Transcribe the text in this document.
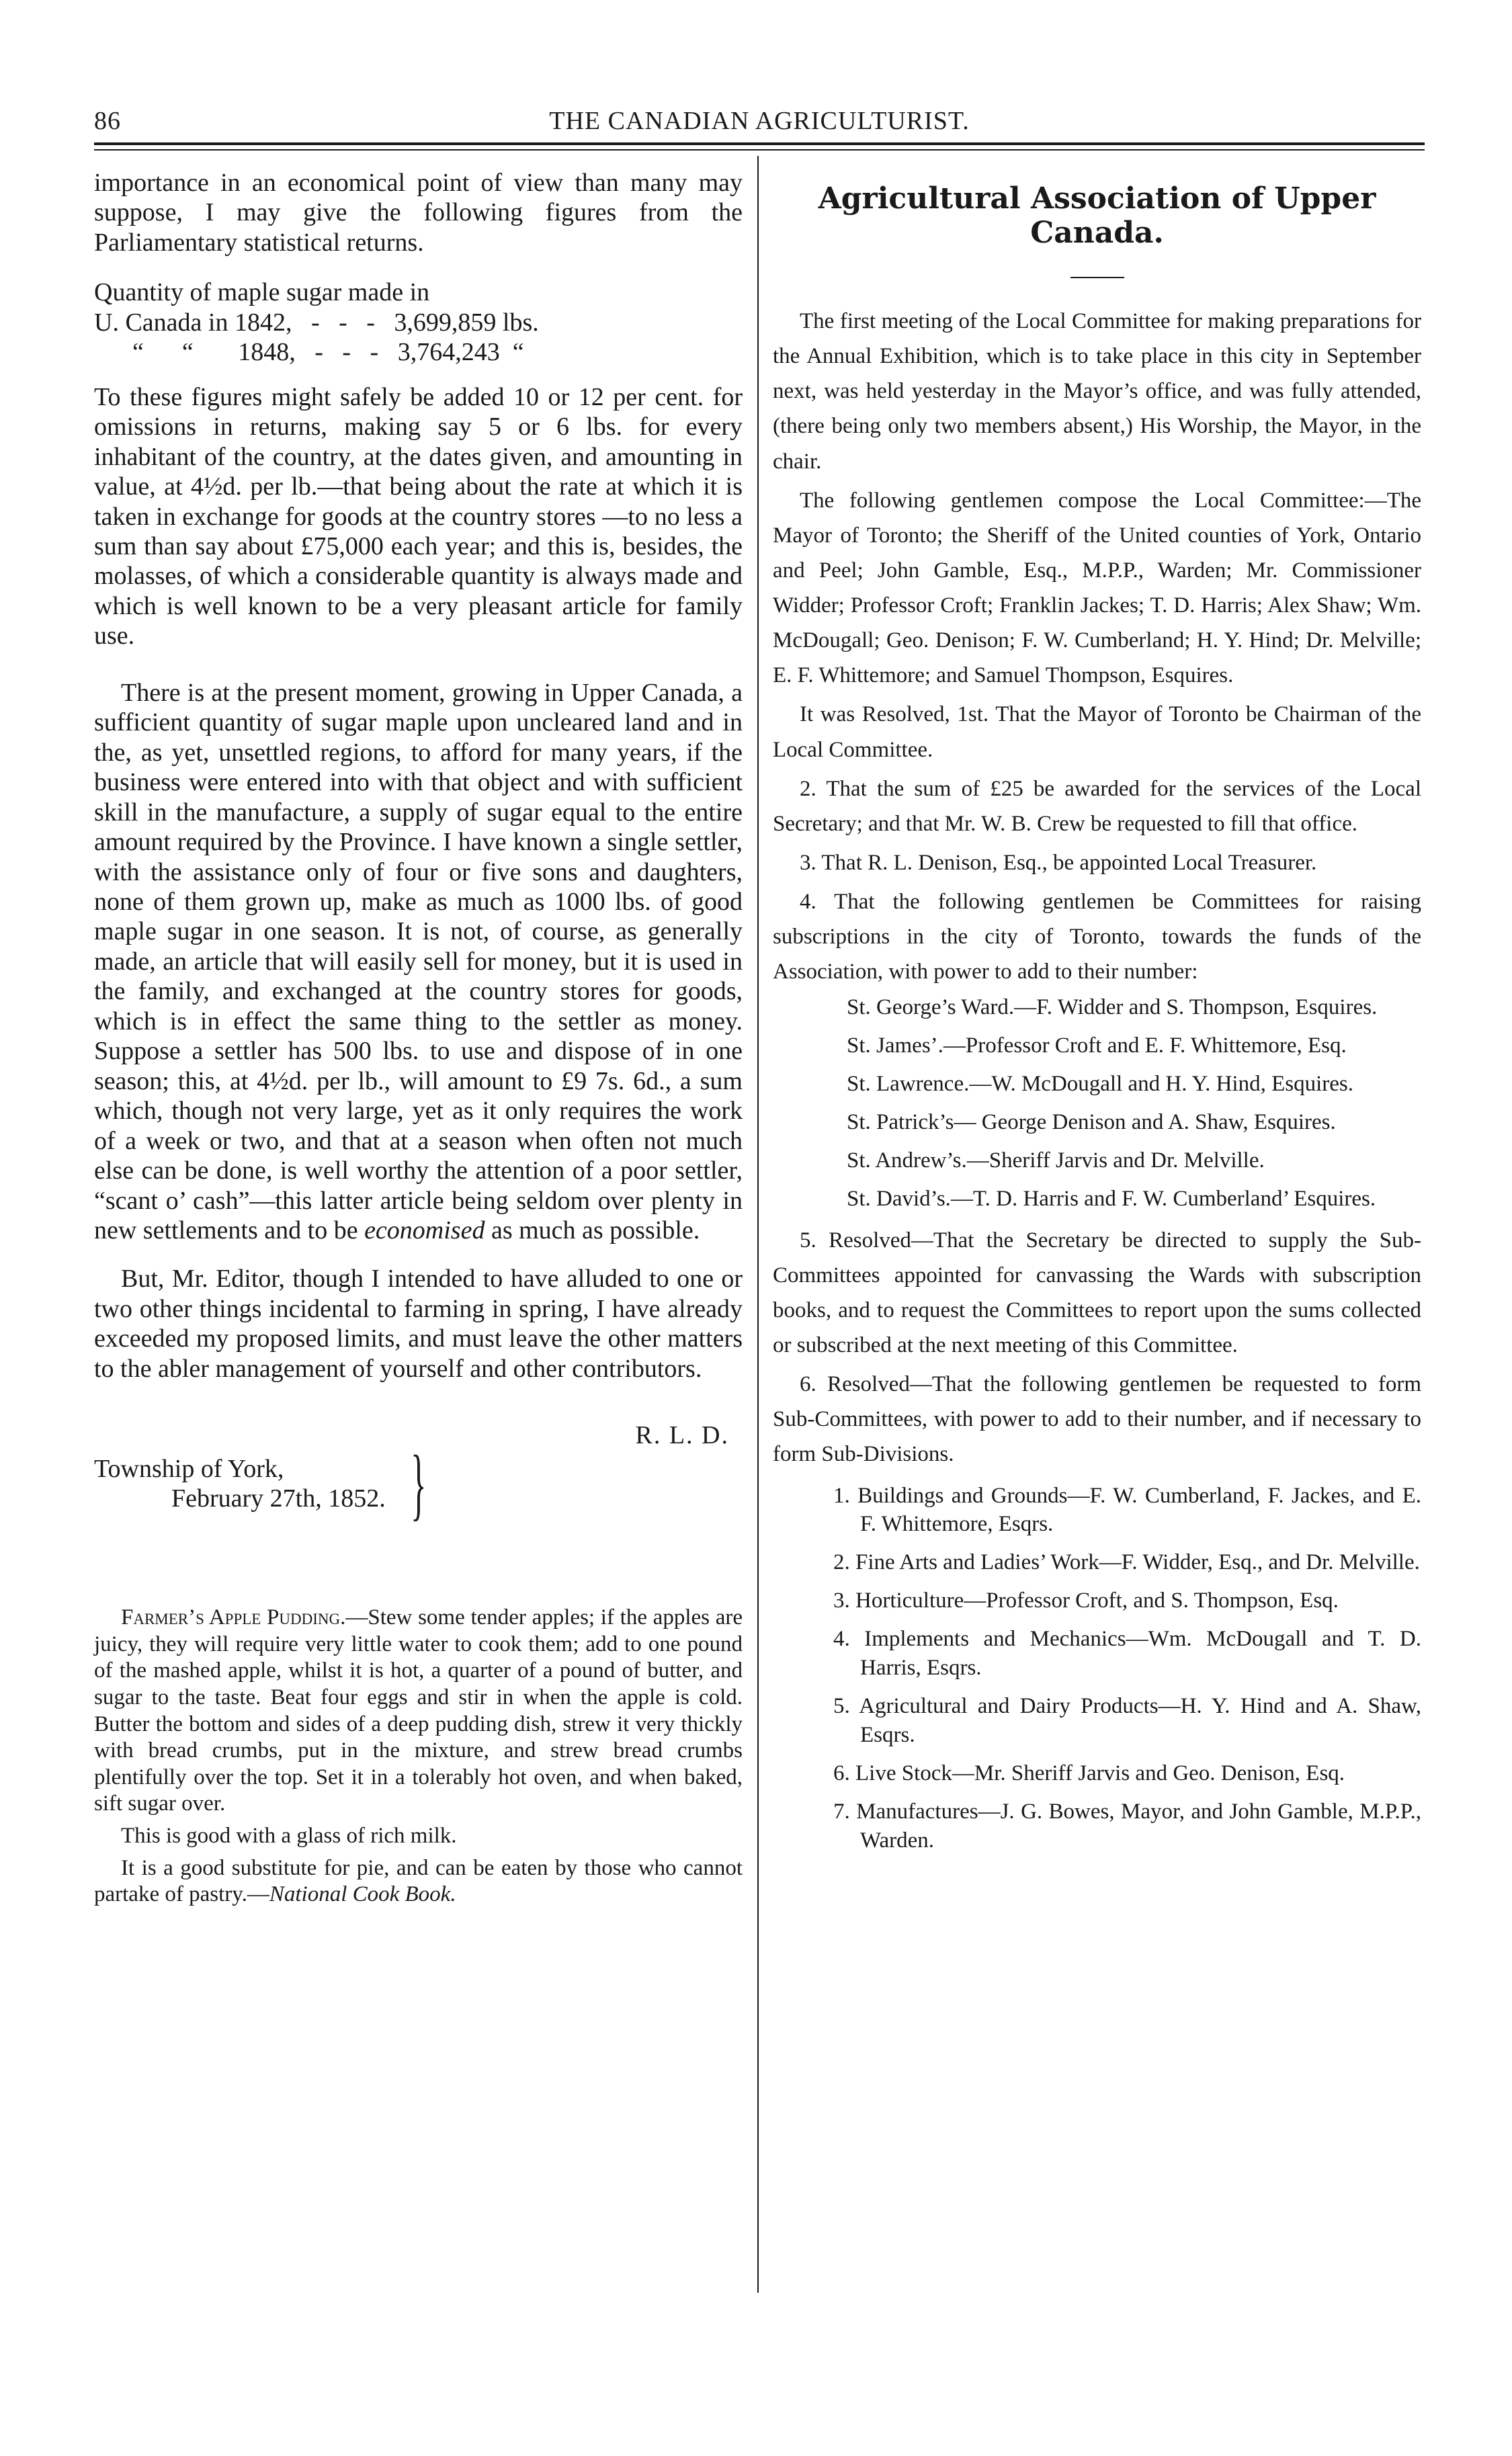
86	THE CANADIAN AGRICULTURIST.

importance in an economical point of view than many may suppose, I may give the following figures from the Parliamentary statistical returns.

Quantity of maple sugar made in

U. Canada in 1842,   -   -   -   3,699,859 lbs.
“      “       1848,   -   -   -   3,764,243  “

To these figures might safely be added 10 or 12 per cent. for omissions in returns, making say 5 or 6 lbs. for every inhabitant of the country, at the dates given, and amounting in value, at 4½d. per lb.—that being about the rate at which it is taken in exchange for goods at the country stores —to no less a sum than say about £75,000 each year; and this is, besides, the molasses, of which a considerable quantity is always made and which is well known to be a very pleasant article for family use.

There is at the present moment, growing in Upper Canada, a sufficient quantity of sugar maple upon uncleared land and in the, as yet, unsettled regions, to afford for many years, if the business were entered into with that object and with sufficient skill in the manufacture, a supply of sugar equal to the entire amount required by the Province. I have known a single settler, with the assistance only of four or five sons and daughters, none of them grown up, make as much as 1000 lbs. of good maple sugar in one season. It is not, of course, as generally made, an article that will easily sell for money, but it is used in the family, and exchanged at the country stores for goods, which is in effect the same thing to the settler as money. Suppose a settler has 500 lbs. to use and dispose of in one season; this, at 4½d. per lb., will amount to £9 7s. 6d., a sum which, though not very large, yet as it only requires the work of a week or two, and that at a season when often not much else can be done, is well worthy the attention of a poor settler, “scant o’ cash”—this latter article being seldom over plenty in new settlements and to be economised as much as possible.

But, Mr. Editor, though I intended to have alluded to one or two other things incidental to farming in spring, I have already exceeded my proposed limits, and must leave the other matters to the abler management of yourself and other contributors.

R. L. D.
Township of York,
February 27th, 1852. }

Farmer’s Apple Pudding.—Stew some tender apples; if the apples are juicy, they will require very little water to cook them; add to one pound of the mashed apple, whilst it is hot, a quarter of a pound of butter, and sugar to the taste. Beat four eggs and stir in when the apple is cold. Butter the bottom and sides of a deep pudding dish, strew it very thickly with bread crumbs, put in the mixture, and strew bread crumbs plentifully over the top. Set it in a tolerably hot oven, and when baked, sift sugar over.

This is good with a glass of rich milk.

It is a good substitute for pie, and can be eaten by those who cannot partake of pastry.—National Cook Book.

Agricultural Association of Upper Canada.

The first meeting of the Local Committee for making preparations for the Annual Exhibition, which is to take place in this city in September next, was held yesterday in the Mayor’s office, and was fully attended, (there being only two members absent,) His Worship, the Mayor, in the chair.

The following gentlemen compose the Local Committee:—The Mayor of Toronto; the Sheriff of the United counties of York, Ontario and Peel; John Gamble, Esq., M.P.P., Warden; Mr. Commissioner Widder; Professor Croft; Franklin Jackes; T. D. Harris; Alex Shaw; Wm. McDougall; Geo. Denison; F. W. Cumberland; H. Y. Hind; Dr. Melville; E. F. Whittemore; and Samuel Thompson, Esquires.

It was Resolved, 1st. That the Mayor of Toronto be Chairman of the Local Committee.

2. That the sum of £25 be awarded for the services of the Local Secretary; and that Mr. W. B. Crew be requested to fill that office.

3. That R. L. Denison, Esq., be appointed Local Treasurer.

4. That the following gentlemen be Committees for raising subscriptions in the city of Toronto, towards the funds of the Association, with power to add to their number:

St. George’s Ward.—F. Widder and S. Thompson, Esquires.
St. James’.—Professor Croft and E. F. Whittemore, Esq.
St. Lawrence.—W. McDougall and H. Y. Hind, Esquires.
St. Patrick’s— George Denison and A. Shaw, Esquires.
St. Andrew’s.—Sheriff Jarvis and Dr. Melville.
St. David’s.—T. D. Harris and F. W. Cumberland’ Esquires.

5. Resolved—That the Secretary be directed to supply the Sub-Committees appointed for canvassing the Wards with subscription books, and to request the Committees to report upon the sums collected or subscribed at the next meeting of this Committee.

6. Resolved—That the following gentlemen be requested to form Sub-Committees, with power to add to their number, and if necessary to form Sub-Divisions.

1. Buildings and Grounds—F. W. Cumberland, F. Jackes, and E. F. Whittemore, Esqrs.
2. Fine Arts and Ladies’ Work—F. Widder, Esq., and Dr. Melville.
3. Horticulture—Professor Croft, and S. Thompson, Esq.
4. Implements and Mechanics—Wm. McDougall and T. D. Harris, Esqrs.
5. Agricultural and Dairy Products—H. Y. Hind and A. Shaw, Esqrs.
6. Live Stock—Mr. Sheriff Jarvis and Geo. Denison, Esq.
7. Manufactures—J. G. Bowes, Mayor, and John Gamble, M.P.P., Warden.
